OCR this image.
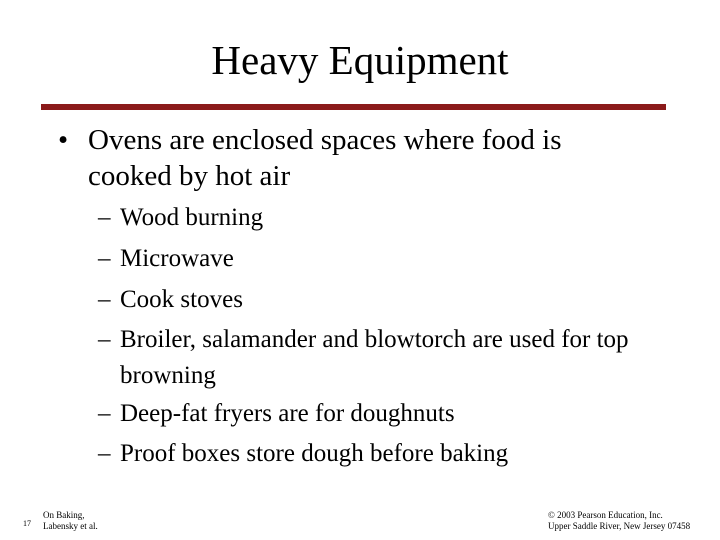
Heavy Equipment
• Ovens are enclosed spaces where food is cooked by hot air
– Wood burning
– Microwave
– Cook stoves
– Broiler, salamander and blowtorch are used for top browning
– Deep-fat fryers are for doughnuts
– Proof boxes store dough before baking
17
On Baking,
Labensky et al.
© 2003 Pearson Education, Inc.
Upper Saddle River, New Jersey 07458
